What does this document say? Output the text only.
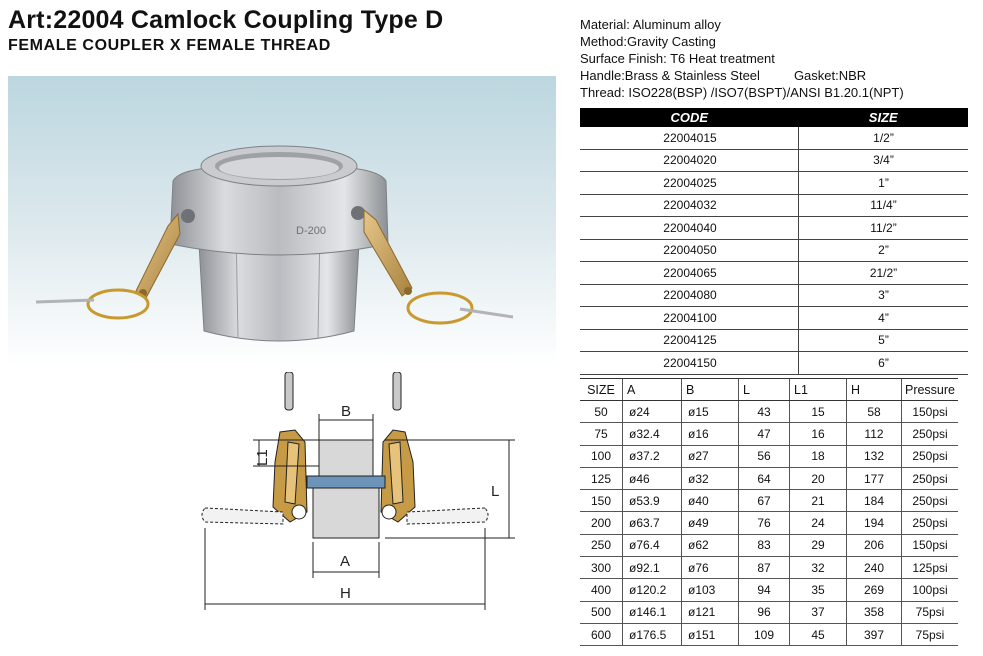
Art:22004 Camlock Coupling Type D
FEMALE COUPLER X FEMALE THREAD
D-200
B
L1
L
A
H
Material: Aluminum alloy
Method:Gravity Casting
Surface Finish: T6 Heat treatment
Handle:Brass & Stainless Steel	Gasket:NBR
Thread: ISO228(BSP) /ISO7(BSPT)/ANSI B1.20.1(NPT)
CODE	SIZE
22004015	1/2”
22004020	3/4”
22004025	1”
22004032	11/4”
22004040	11/2”
22004050	2”
22004065	21/2”
22004080	3”
22004100	4”
22004125	5”
22004150	6”
SIZE	A	B	L	L1	H	Pressure
50	ø24	ø15	43	15	58	150psi
75	ø32.4	ø16	47	16	112	250psi
100	ø37.2	ø27	56	18	132	250psi
125	ø46	ø32	64	20	177	250psi
150	ø53.9	ø40	67	21	184	250psi
200	ø63.7	ø49	76	24	194	250psi
250	ø76.4	ø62	83	29	206	150psi
300	ø92.1	ø76	87	32	240	125psi
400	ø120.2	ø103	94	35	269	100psi
500	ø146.1	ø121	96	37	358	75psi
600	ø176.5	ø151	109	45	397	75psi
